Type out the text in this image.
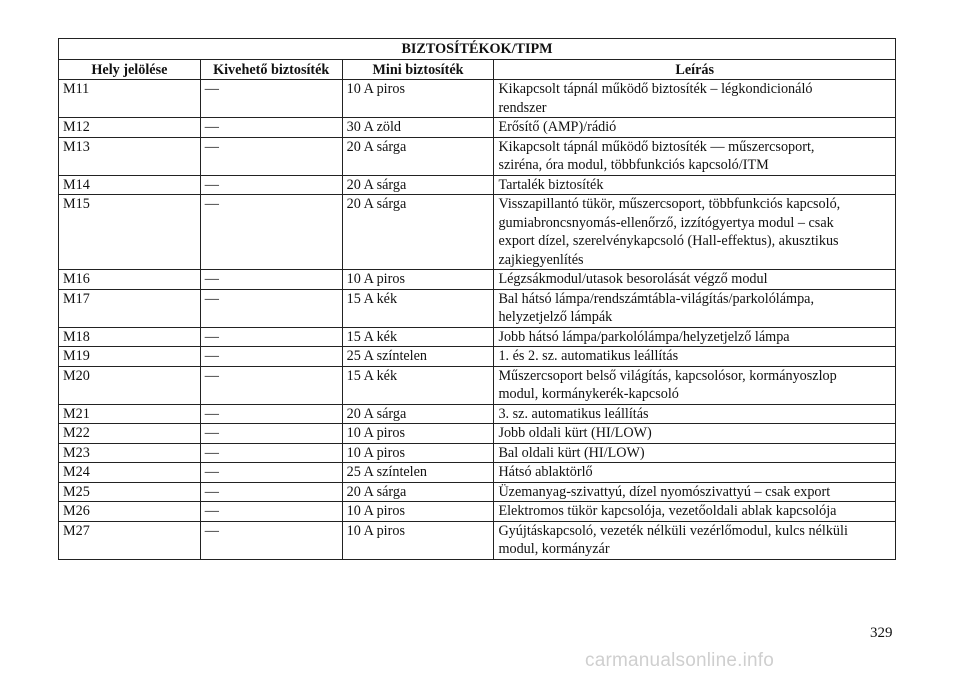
BIZTOSÍTÉKOK/TIPM			
Hely jelölése	Kivehető biztosíték	Mini biztosíték	Leírás
M11	—	10 A piros	Kikapcsolt tápnál működő biztosíték – légkondicionáló
rendszer

M12	—	30 A zöld	Erősítő (AMP)/rádió

M13	—	20 A sárga	Kikapcsolt tápnál működő biztosíték — műszercsoport,
sziréna, óra modul, többfunkciós kapcsoló/ITM

M14	—	20 A sárga	Tartalék biztosíték

M15	—	20 A sárga	Visszapillantó tükör, műszercsoport, többfunkciós kapcsoló,
gumiabroncsnyomás-ellenőrző, izzítógyertya modul – csak
export dízel, szerelvénykapcsoló (Hall-effektus), akusztikus
zajkiegyenlítés

M16	—	10 A piros	Légzsákmodul/utasok besorolását végző modul

M17	—	15 A kék	Bal hátsó lámpa/rendszámtábla-világítás/parkolólámpa,
helyzetjelző lámpák

M18	—	15 A kék	Jobb hátsó lámpa/parkolólámpa/helyzetjelző lámpa

M19	—	25 A színtelen	1. és 2. sz. automatikus leállítás

M20	—	15 A kék	Műszercsoport belső világítás, kapcsolósor, kormányoszlop
modul, kormánykerék-kapcsoló

M21	—	20 A sárga	3. sz. automatikus leállítás

M22	—	10 A piros	Jobb oldali kürt (HI/LOW)

M23	—	10 A piros	Bal oldali kürt (HI/LOW)

M24	—	25 A színtelen	Hátsó ablaktörlő

M25	—	20 A sárga	Üzemanyag-szivattyú, dízel nyomószivattyú – csak export

M26	—	10 A piros	Elektromos tükör kapcsolója, vezetőoldali ablak kapcsolója

M27	—	10 A piros	Gyújtáskapcsoló, vezeték nélküli vezérlőmodul, kulcs nélküli
modul, kormányzár
329
carmanualsonline.info
